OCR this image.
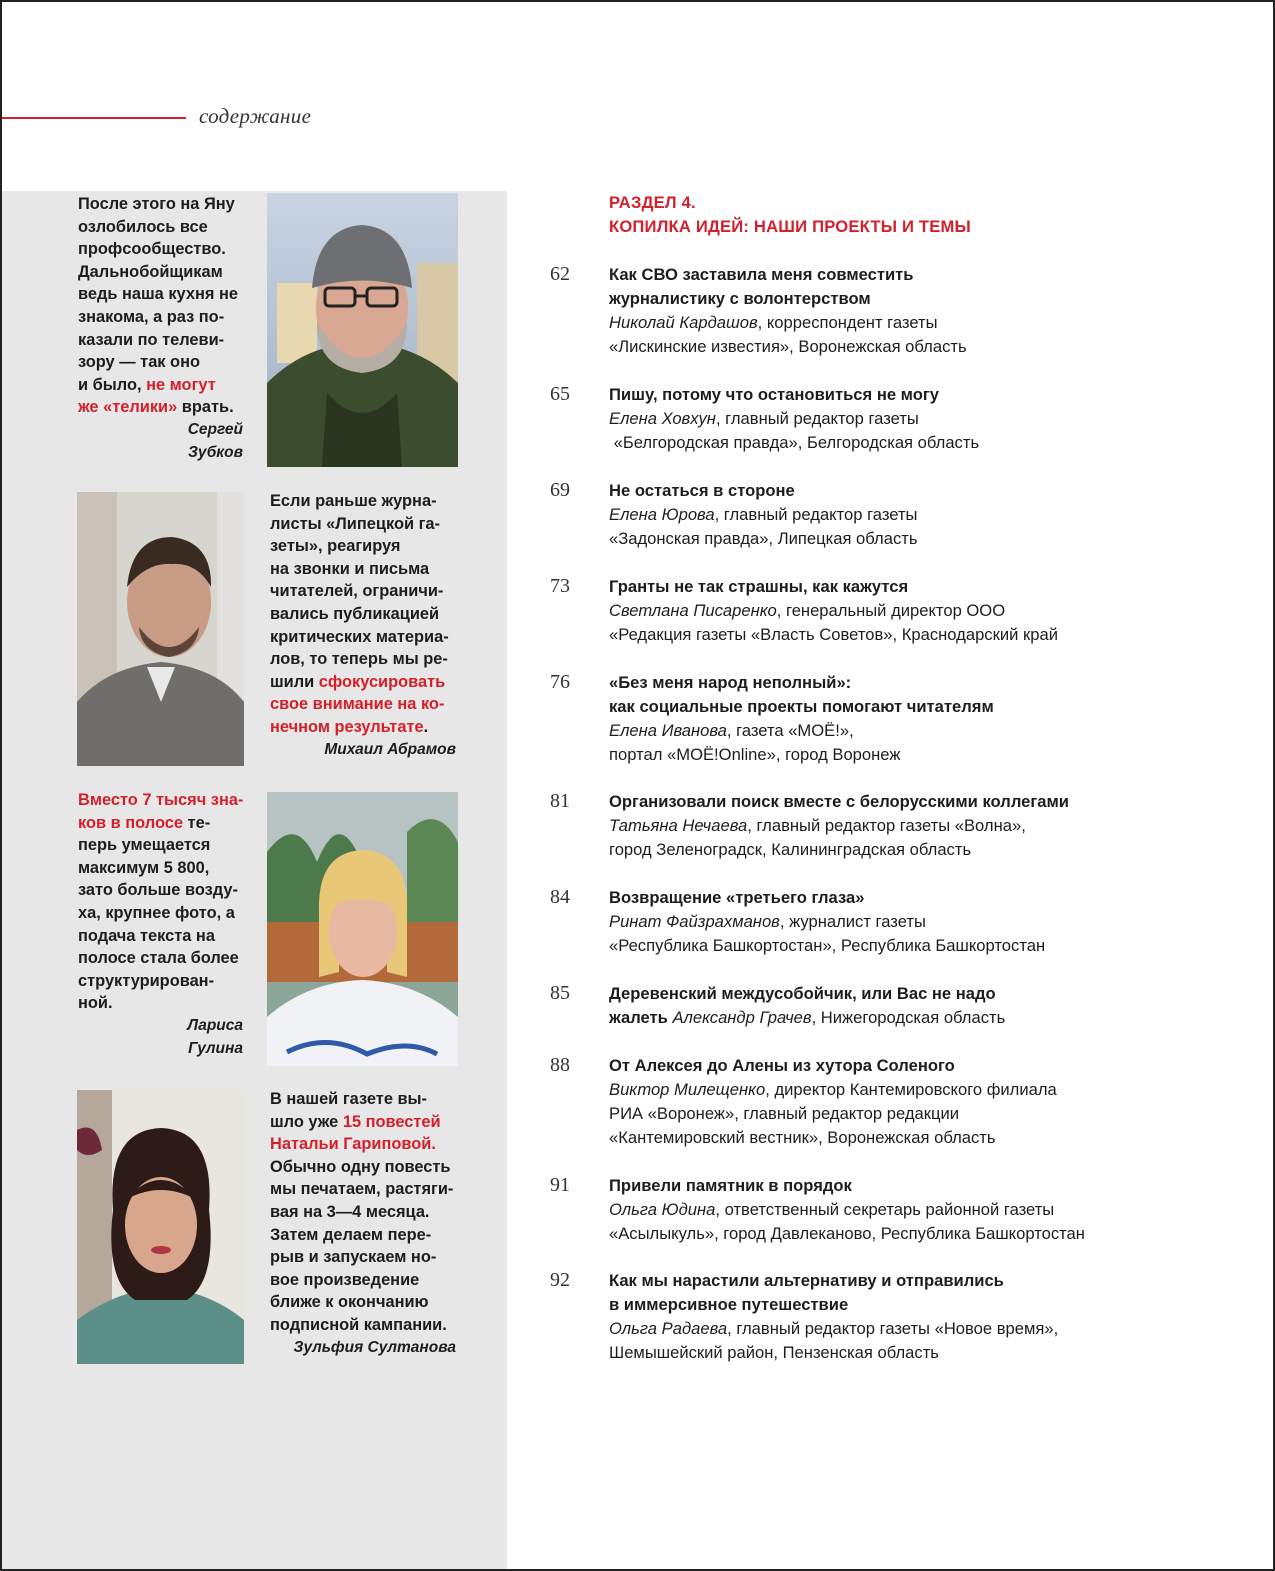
содержание
После этого на Яну
озлобилось все
профсообщество.
Дальнобойщикам
ведь наша кухня не
знакома, а раз по-
казали по телеви-
зору — так оно
и было, не могут
же «телики» врать.
Сергей
Зубков
Если раньше журна-
листы «Липецкой га-
зеты», реагируя
на звонки и письма
читателей, ограничи-
вались публикацией
критических материа-
лов, то теперь мы ре-
шили сфокусировать
свое внимание на ко-
нечном результате.
Михаил Абрамов
Вместо 7 тысяч зна-
ков в полосе те-
перь умещается
максимум 5 800,
зато больше возду-
ха, крупнее фото, а
подача текста на
полосе стала более
структурирован-
ной.
Лариса
Гулина
В нашей газете вы-
шло уже 15 повестей
Натальи Гариповой.
Обычно одну повесть
мы печатаем, растяги-
вая на 3—4 месяца.
Затем делаем пере-
рыв и запускаем но-
вое произведение
ближе к окончанию
подписной кампании.
Зульфия Султанова
РАЗДЕЛ 4.
КОПИЛКА ИДЕЙ: НАШИ ПРОЕКТЫ И ТЕМЫ
62 Как СВО заставила меня совместить
журналистику с волонтерством
Николай Кардашов, корреспондент газеты
«Лискинские известия», Воронежская область
65 Пишу, потому что остановиться не могу
Елена Ховхун, главный редактор газеты
«Белгородская правда», Белгородская область
69 Не остаться в стороне
Елена Юрова, главный редактор газеты
«Задонская правда», Липецкая область
73 Гранты не так страшны, как кажутся
Светлана Писаренко, генеральный директор ООО
«Редакция газеты «Власть Советов», Краснодарский край
76 «Без меня народ неполный»:
как социальные проекты помогают читателям
Елена Иванова, газета «МОЁ!»,
портал «МОЁ!Online», город Воронеж
81 Организовали поиск вместе с белорусскими коллегами
Татьяна Нечаева, главный редактор газеты «Волна»,
город Зеленоградск, Калининградская область
84 Возвращение «третьего глаза»
Ринат Файзрахманов, журналист газеты
«Республика Башкортостан», Республика Башкортостан
85 Деревенский междусобойчик, или Вас не надо
жалеть Александр Грачев, Нижегородская область
88 От Алексея до Алены из хутора Соленого
Виктор Милещенко, директор Кантемировского филиала
РИА «Воронеж», главный редактор редакции
«Кантемировский вестник», Воронежская область
91 Привели памятник в порядок
Ольга Юдина, ответственный секретарь районной газеты
«Асылыкуль», город Давлеканово, Республика Башкортостан
92 Как мы нарастили альтернативу и отправились
в иммерсивное путешествие
Ольга Радаева, главный редактор газеты «Новое время»,
Шемышейский район, Пензенская область
